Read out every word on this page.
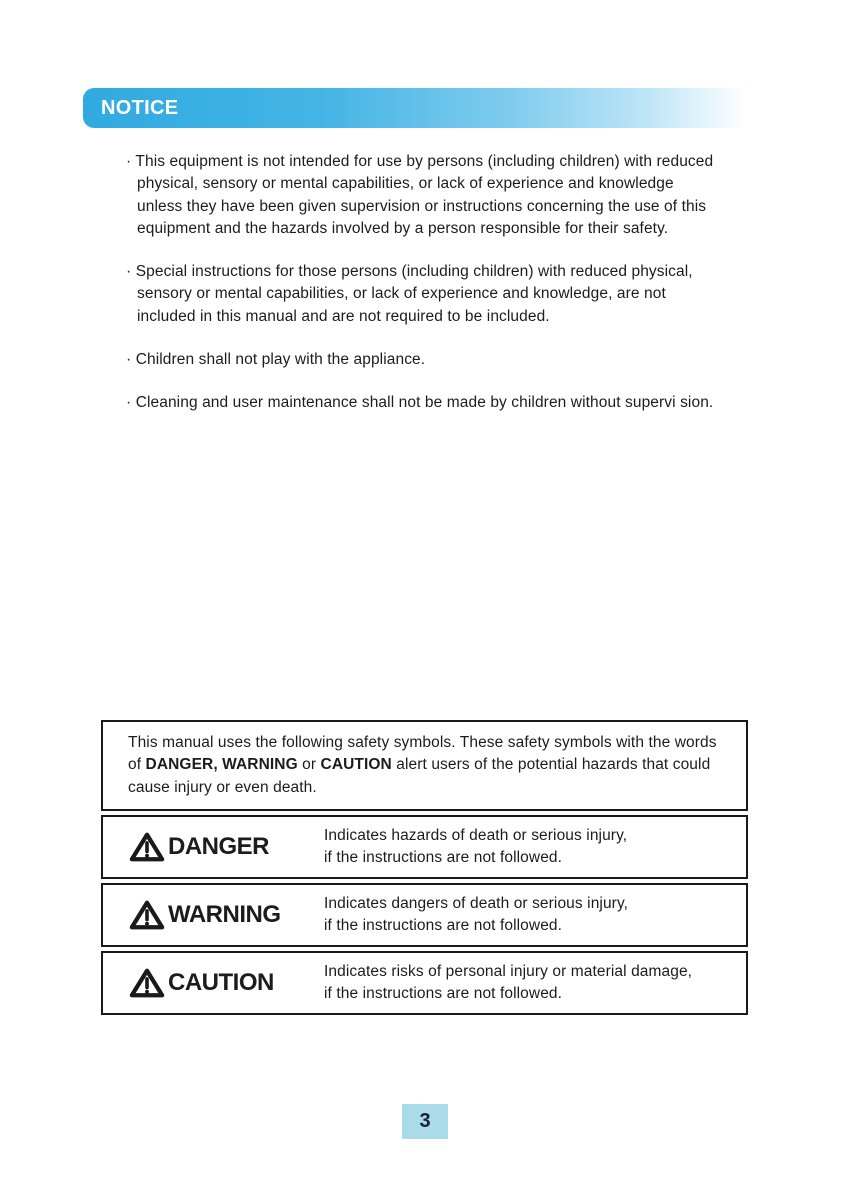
NOTICE
· This equipment is not intended for use by persons (including children) with reduced physical, sensory or mental capabilities, or lack of experience and knowledge unless they have been given supervision or instructions concerning the use of this equipment and the hazards involved by a person responsible for their safety.
· Special instructions for those persons (including children) with reduced physical, sensory or mental capabilities, or lack of experience and knowledge, are not included in this manual and are not required to be included.
· Children shall not play with the appliance.
· Cleaning and user maintenance shall not be made by children without supervi sion.
This manual uses the following safety symbols. These safety symbols with the words of DANGER, WARNING or CAUTION alert users of the potential hazards that could cause injury or even death.
DANGER	Indicates hazards of death or serious injury,
if the instructions are not followed.
WARNING	Indicates dangers of death or serious injury,
if the instructions are not followed.
CAUTION	Indicates risks of personal injury or material damage,
if the instructions are not followed.
3
